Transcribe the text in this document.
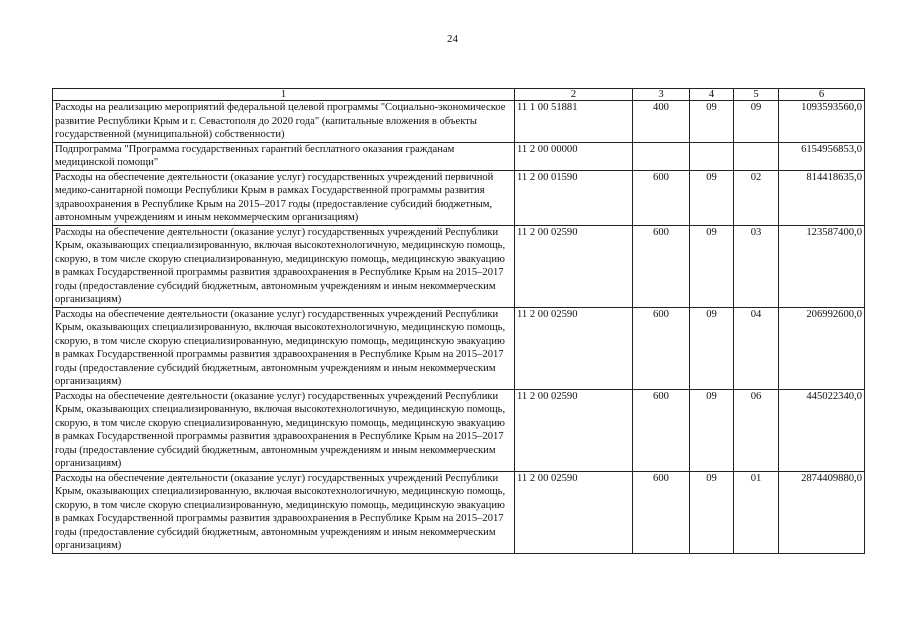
24
1	2	3	4	5	6
Расходы на реализацию мероприятий федеральной целевой программы "Социально-экономическое развитие Республики Крым и г. Севастополя до 2020 года" (капитальные вложения в объекты государственной (муниципальной) собственности)	11 1 00 51881	400	09	09	1093593560,0
Подпрограмма "Программа государственных гарантий бесплатного оказания гражданам медицинской помощи"	11 2 00 00000				6154956853,0
Расходы на обеспечение деятельности (оказание услуг) государственных учреждений первичной медико-санитарной помощи Республики Крым в рамках Государственной программы развития здравоохранения в Республике Крым на 2015–2017 годы (предоставление субсидий бюджетным, автономным учреждениям и иным некоммерческим организациям)	11 2 00 01590	600	09	02	814418635,0
Расходы на обеспечение деятельности (оказание услуг) государственных учреждений Республики Крым, оказывающих специализированную, включая высокотехнологичную, медицинскую помощь, скорую, в том числе скорую специализированную, медицинскую помощь, медицинскую эвакуацию в рамках Государственной программы развития здравоохранения в Республике Крым на 2015–2017 годы (предоставление субсидий бюджетным, автономным учреждениям и иным некоммерческим организациям)	11 2 00 02590	600	09	03	123587400,0
Расходы на обеспечение деятельности (оказание услуг) государственных учреждений Республики Крым, оказывающих специализированную, включая высокотехнологичную, медицинскую помощь, скорую, в том числе скорую специализированную, медицинскую помощь, медицинскую эвакуацию в рамках Государственной программы развития здравоохранения в Республике Крым на 2015–2017 годы (предоставление субсидий бюджетным, автономным учреждениям и иным некоммерческим организациям)	11 2 00 02590	600	09	04	206992600,0
Расходы на обеспечение деятельности (оказание услуг) государственных учреждений Республики Крым, оказывающих специализированную, включая высокотехнологичную, медицинскую помощь, скорую, в том числе скорую специализированную, медицинскую помощь, медицинскую эвакуацию в рамках Государственной программы развития здравоохранения в Республике Крым на 2015–2017 годы (предоставление субсидий бюджетным, автономным учреждениям и иным некоммерческим организациям)	11 2 00 02590	600	09	06	445022340,0
Расходы на обеспечение деятельности (оказание услуг) государственных учреждений Республики Крым, оказывающих специализированную, включая высокотехнологичную, медицинскую помощь, скорую, в том числе скорую специализированную, медицинскую помощь, медицинскую эвакуацию в рамках Государственной программы развития здравоохранения в Республике Крым на 2015–2017 годы (предоставление субсидий бюджетным, автономным учреждениям и иным некоммерческим организациям)	11 2 00 02590	600	09	01	2874409880,0
